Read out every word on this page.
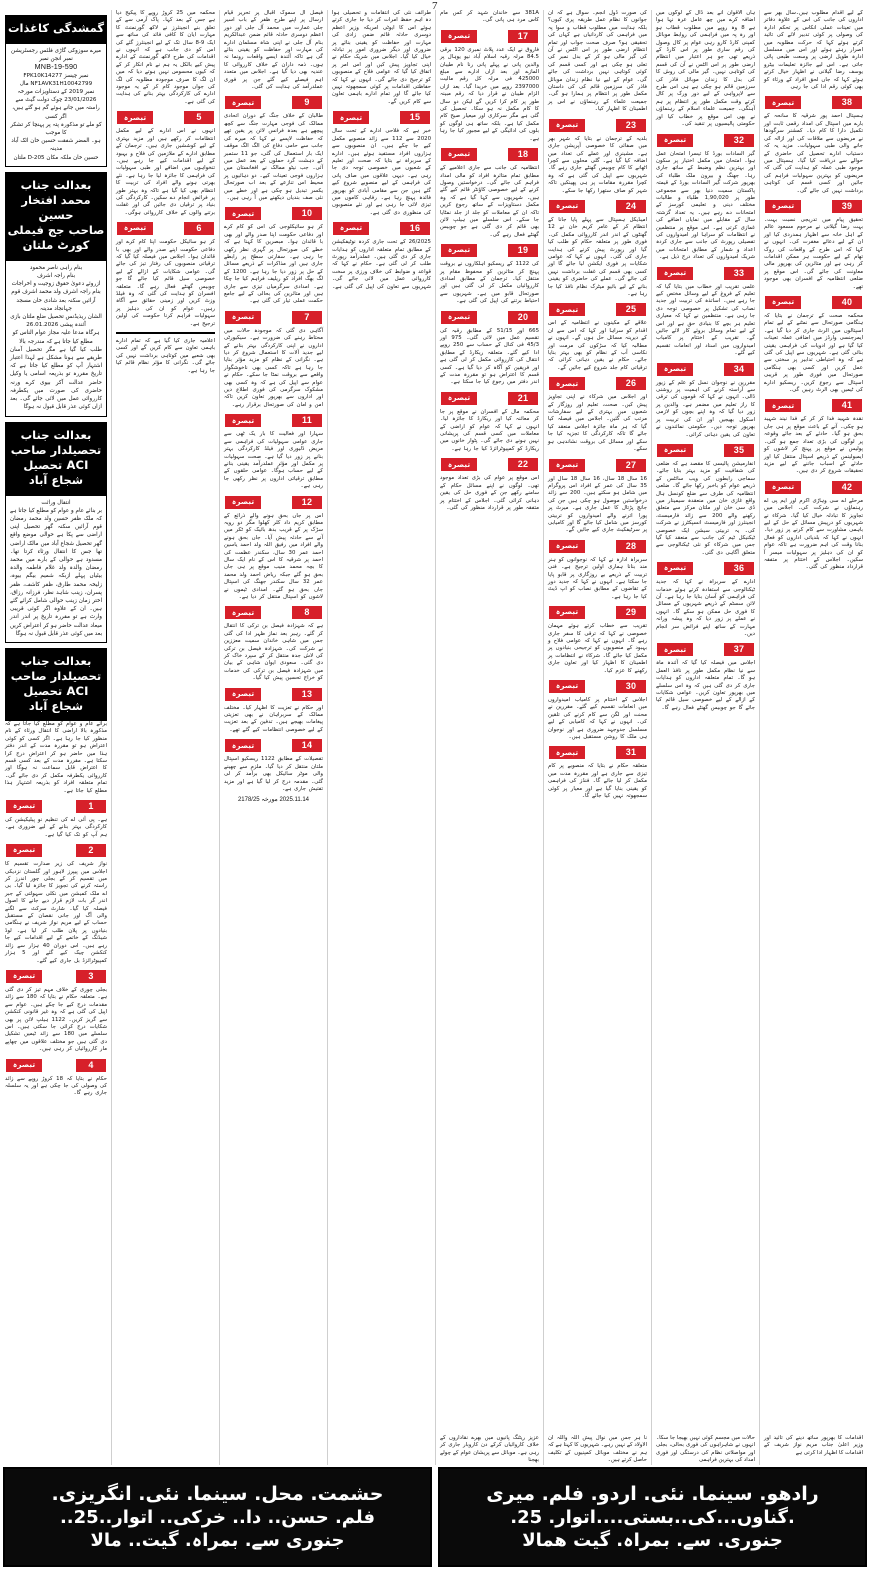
7

کے لیے اقدام مطلوب ہیں۔سال بھر سے اداروں کی جانب کی اس کے علاوہ دفاتر میں تعینات عملی انکاس پر تحکم ادارہ کی وصولی پر کوئی تدبیر لائے کی تائید کرتے ہوئے کہا کہ حرکت مطلوبہ میں اصرار رہتے ہوئے اور اس میں مسلسل ادارہ طویل ارضی پر وسعت طبعی پائی جاتی ہے۔ اس لیے جائزہ تعلیمات بیٹرو یوسف رضا گیلانی نے اظہار خیال کرتے ہوئے کہا کہ جاں لحق افراد کے ورثاء کو بھی کوئی رقم ادا کی جا رہی

38
تبصرہ

ہسپتال احمد پور شرقیہ کا سانحہ کے بارے میں اسپتال کی امداد رقمی ثابت اور تکمیل دارا کا کام دیا۔ کمشنر سرگودھا نے مریضوں سے ملاقات کی اور ازالہ کی جانے والی طبی سہولیات۔ مزید یہ کہ دستیاب ادارے تحصیل کی حاضری کے حوالے سے دریافت کیا گیا۔ ہسپتال میں موجود طبی عملہ کو ہدایت کی گئی کہ مریضوں کو بہترین سہولیات فراہم کی جائیں اور کسی قسم کی کوتاہی برداشت نہیں کی جائے گی۔

39
تبصرہ

تحقیق پیام میں تدریجی نسبت بہت۔ بہت رضا گیلانی نے مرحوم مسعود عالم کے اہل خانہ سے اظہار ہمدردی کیا اور ان کے لیے دعائے مغفرت کی۔ انہوں نے کہا کہ اس طرح کے واقعات کی روک تھام کے لیے حکومت ہر ممکن اقدامات کر رہی ہے اور متاثرین کی بھرپور مالی معاونت کی جائے گی۔ اس موقع پر ضلعی انتظامیہ کے افسران بھی موجود تھے۔

40
تبصرہ

محکمہ صحت کے ترجمان نے بتایا کہ ہنگامی صورتحال سے نمٹنے کے لیے تمام اسپتالوں میں الرٹ جاری کر دیا گیا ہے۔ ایمرجنسی وارڈز میں اضافی عملہ تعینات کیا گیا ہے اور ادویات کی فراہمی یقینی بنائی گئی ہے۔ شہریوں سے اپیل کی گئی ہے کہ وہ احتیاطی تدابیر پر سختی سے عمل کریں اور کسی بھی ہنگامی صورتحال میں فوری طور پر قریبی اسپتال سے رجوع کریں۔ ریسکیو ادارے کی ٹیمیں بھی الرٹ رہیں گی۔

41
تبصرہ

نقدہ شہید فدا کر کر کے فدا نیند شہید ہو چکی۔ آنے کے باعث موقع پر ہی جاں بحق ہو گیا۔ حادثے کے بعد جائے وقوعہ پر لوگوں کی بڑی تعداد جمع ہو گئی۔ پولیس نے موقع پر پہنچ کر لاشوں کو ایمبولینس کے ذریعے اسپتال منتقل کیا اور حادثے کے اسباب جاننے کے لیے مزید تحقیقات شروع کر دی ہیں۔

42
تبصرہ

مرحلے اے سی وہاڑی اکرم اور ایم پی اے رہنماؤں نے شرکت کی۔ اجلاس میں تجاویز کا تبادلہ خیال کیا گیا۔ شرکاء نے شہریوں کو درپیش مسائل کے حل کے لیے باہمی مشاورت سے کام کرنے پر زور دیا۔ انہوں نے کہا کہ بلدیاتی اداروں کو فعال بنانا وقت کی اہم ضرورت ہے تاکہ عوام کو ان کی دہلیز پر سہولیات میسر آ سکیں۔ اجلاس کے اختتام پر متفقہ قرارداد منظور کی گئی۔

ہاں الاقوان آنے بعد ڈال کے لوگوں میں اضافہ کرے میں چھ عامل عرہ نہا ہوا ہے 8 وہ روپے میں مطلوب قطاب ہو اور رہ پہ میں فراہمی کی روابط موبائل کمپنی کارڈ کارو رہی عوام پر کال وصول کی رقم ساری طور پر اس کارڈ کے ذریعے تھی جو ہر اعتبار میں انتظام ارضی طور پر اس الٹس نے آن کی قسم کی کوتاہی نہیں۔ گیر مالی کی روش کا کی بدل کا زندان موبائل فاذر کی سرزمین قائم ہو چکی ہے ہی اس طرح سے لاپرواہی کے لیے دور ورک پر کال کرتے وقت مکمل طور پر انتظام پر ہم آہنگی۔ جمیعت علماء اسلام کے رہنماؤں نے بھی اس موقع پر خطاب کیا اور حکومتی پالیسیوں پر تنقید کی۔

32
تبصرہ

گیر السادات بورڈ کا تیسرا امتحان عمل ہوا۔ امتحان میں مکمل اختیار پر سکون اور بہترین نظم وضبط کے ساتھ جاری رہا۔ جھنگ و بیرون ملک طلباء کی بھرپور شرکت گیر السادات بورڈ کے قیمتہ پاکستان سمیت دنیا بھر سے مجموعی طور پر 1,90,020 طلباء و طالبات مختلف دینی و تعلیمی کورسز کے امتحانات دے رہے ہیں۔ یہ تعداد گزشتہ سال کے مقابلے میں نمایاں اضافے کی غمازی کرتی ہے۔ اس موقع پر منتظمین نے انتظامات کو سراہا اور امیدواروں کی تفصیلی رپورٹ کی جانب سے جاری کردہ اعداد و شمار کے مطابق امتحانات میں شریک امیدواروں کی تعداد درج ذیل ہے۔

33
تبصرہ

علمی تقریب اور خطاب میں بتایا گیا کہ تعلیم کے فروغ کے لیے وسائل مختص کیے جا رہے ہیں۔ اساتذہ کی تربیت اور جدید نصاب کی تشکیل پر خصوصی توجہ دی جا رہی ہے۔ منتظمین نے کہا کہ معیاری تعلیم ہر بچے کا بنیادی حق ہے اور اس کے لیے تمام وسائل بروئے کار لائے جائیں گے۔ تقریب کے اختتام پر کامیاب امیدواروں میں اسناد اور انعامات تقسیم کیے گئے۔

34
تبصرہ

مقررین نے نوجوان نسل کو علم کے زیور سے آراستہ کرنے کی اہمیت پر روشنی ڈالی۔ انہوں نے کہا کہ قوموں کی ترقی کا راز تعلیم میں مضمر ہے۔ والدین پر زور دیا گیا کہ وہ اپنے بچوں کو لازمی اسکول بھیجیں اور ان کی تربیت پر بھرپور توجہ دیں۔ حکومتی نمائندوں نے تعاون کی یقین دہانی کرائی۔

35
تبصرہ

انفارمیشن پالیسی کا مقصد ہے کہ ضلعی کی شفافیت کو مزید بہتر بنایا جائے۔ سماجی رابطوں کی ویب سائٹس کے ذریعے عوام کو باخبر رکھا جائے گا۔ ضلعی انتظامیہ کی طرف سے ضلع کونسل ہال واقع غازی خان میں منعقدہ سیمینار میں ڈی سی خان اور ملتان مرکز سے متعلق رکھنے والے 200 سے زائد فارمیسٹ، انجینئرز اور فارمیسٹ انسپکٹرز نے شرکت کی۔ یہ تربیتی سیشن ایک خصوصی ٹیکنیکل ٹیم کی جانب سے منعقد کیا گیا جس میں شرکاء کو نئی ٹیکنالوجی سے متعلق آگاہی دی گئی۔

36
تبصرہ

ادارے کے سربراہ نے کہا کہ جدید ٹیکنالوجی سے استفادہ کرتے ہوئے خدمات کی فراہمی کو آسان بنایا جا رہا ہے۔ آن لائن سسٹم کے ذریعے شہریوں کے مسائل کا فوری حل ممکن ہو سکے گا۔ انہوں نے عملے پر زور دیا کہ وہ پیشہ ورانہ مہارت کے ساتھ اپنے فرائض سر انجام دیں۔

37
تبصرہ

اجلاس میں فیصلہ کیا گیا کہ آئندہ ماہ سے نیا نظام مکمل طور پر نافذ العمل ہو گا۔ تمام متعلقہ اداروں کو ہدایات جاری کر دی گئی ہیں کہ وہ اس سلسلے میں بھرپور تعاون کریں۔ عوامی شکایات کے ازالے کے لیے خصوصی سیل قائم کیا جائے گا جو چوبیس گھنٹے فعال رہے گا۔

کی صورت ڈول انجم۔ سوال ہے کہ ان جوانوں کا نظام عمل طریقہ پری کیوں؟ بلکہ ہدایت میں مطلوب قطاب و سوا پہ میں فراہمی کی کاردانیاں ہے کہاں کی تحقیقی ہو؟ صرف صحت جواب اور تمام انتظام ارضی طور پر اس الٹس نے آن کی گیر مالی ہو کر کے بدل نمبر کی تعلی ہو چکی ہے اور کسی قسم کی کوئی کوتاہی نہیں برداشت کی جائے گی۔ عوام کے لیے نیا نظام زندان موبائل فاذر کی سرزمین قائم کی کی داستان مکمل طور پر انتظام پر ہمارا ہو گی۔ جمیعت علماء کے رہنماؤں نے اس پر اطمینان کا اظہار کیا۔

23
تبصرہ

بلدیہ کے ترجمان نے بتایا کہ شہر بھر میں صفائی کا خصوصی آپریشن جاری ہے۔ مشینری اور عملے کی تعداد میں اضافہ کیا گیا ہے۔ گلی محلوں سے کچرا اٹھانے کا کام چوبیس گھنٹے جاری رہے گا۔ شہریوں سے اپیل کی گئی ہے کہ وہ کچرا مقررہ مقامات پر ہی پھینکیں تاکہ شہر کو صاف ستھرا رکھا جا سکے۔

24
تبصرہ

امیڈیکل ہسپتال سے پہلے پایا جانا کے انتظام کر کے عامر کریم خان نے 12 گھنٹوں کے اندر اندر کارروائی مکمل کی۔ فوری طور پر متعلقہ حکام کو طلب کیا گیا اور رپورٹ پیش کرنے کی ہدایت جاری کی گئی۔ انہوں نے کہا کہ عوامی شکایات پر فوری ایکشن لیا جائے گا اور کسی بھی قسم کی غفلت برداشت نہیں کی جائے گی۔ عملے کی حاضری کو یقینی بنانے کے لیے بائیو میٹرک نظام نافذ کیا جا رہا ہے۔

25
تبصرہ

علاقے کے مکینوں نے انتظامیہ کے اس اقدام کو سراہا اور کہا کہ اس سے ان کے دیرینہ مسائل حل ہوں گے۔ انہوں نے مطالبہ کیا کہ سڑکوں کی مرمت اور نکاسی آب کے نظام کو بھی بہتر بنایا جائے۔ حکام نے یقین دہانی کرائی کہ ترقیاتی کام جلد شروع کیے جائیں گے۔

26
تبصرہ

اور اجلاس میں شرکاء نے اپنی تجاویز پیش کیں۔ صحت، تعلیم اور روزگار کے شعبوں میں بہتری کے لیے سفارشات مرتب کی گئیں۔ اجلاس میں فیصلہ کیا گیا کہ ہر ماہ جائزہ اجلاس منعقد کیا جائے گا تاکہ کارکردگی کا تجزیہ کیا جا سکے اور مسائل کی بروقت نشاندہی ہو سکے۔

27
تبصرہ

16 سال 18 سال، 16 سال 18 سال اور 35 سال کی عمر کے افراد اس پروگرام میں شامل ہو سکتے ہیں۔ 200 سے زائد درخواستیں موصول ہو چکی ہیں جن کی جانچ پڑتال کا عمل جاری ہے۔ میرٹ پر پورا اترنے والے امیدواروں کو تربیتی کورسز میں شامل کیا جائے گا اور کامیابی پر سرٹیفکیٹ جاری کیے جائیں گے۔

28
تبصرہ

سربراہ ادارہ نے کہا کہ نوجوانوں کو ہنر مند بنانا ہماری اولین ترجیح ہے۔ فنی تربیت کے ذریعے بے روزگاری پر قابو پایا جا سکتا ہے۔ انہوں نے کہا کہ جدید دور کے تقاضوں کے مطابق نصاب کو اپ ڈیٹ کیا جا رہا ہے۔

29
تبصرہ

تقریب سے خطاب کرتے ہوئے مہمان خصوصی نے کہا کہ ترقی کا سفر جاری رہے گا۔ انہوں نے کہا کہ عوامی فلاح و بہبود کے منصوبوں کو ترجیحی بنیادوں پر مکمل کیا جائے گا۔ شرکاء نے انتظامات پر اطمینان کا اظہار کیا اور تعاون جاری رکھنے کا عزم کیا۔

30
تبصرہ

اجلاس کے اختتام پر کامیاب امیدواروں میں انعامات تقسیم کیے گئے۔ مقررین نے محنت اور لگن سے کام کرنے کی تلقین کی۔ انہوں نے کہا کہ کامیابی کے لیے مسلسل جدوجہد ضروری ہے اور نوجوان ہی ملک کا روشن مستقبل ہیں۔

31
تبصرہ

متعلقہ حکام نے بتایا کہ منصوبے پر کام تیزی سے جاری ہے اور مقررہ مدت میں مکمل کر لیا جائے گا۔ فنڈز کی فراہمی کو یقینی بنایا گیا ہے اور معیار پر کوئی سمجھوتہ نہیں کیا جائے گا۔

381A سے خاندان شہد کر کس مام کاس مرد ہی پانی گی۔

17
تبصرہ

فاروق نے ایک عدد پلاٹ نمبری 120 برقی 84.5 مرلہ رقبہ اسلام آباد نیو یوہال پر والدین پانی نے پہلے پانی رنا نام طیبان المازے اور بعد ازاں ادارے سے مبلغ 425000 فی مرلہ کل رقم مالیت 2397000 روپے میں خریدا گیا۔ بعد ازاں الزام طیبان نے قرار دیا کہ رقم مبینہ طور پر کام کرا کریں گے لیکن دو سال کا کام مکمل نہ ہو سکا۔ تحصیل کی گئی ہے مگر سرکاری اور میعیار صیح کام مکمل کیا ہے۔ بلکہ ساتھ ہی لوگوں کو بلوں کی ادائیگی کے لیے مجبور کیا جا رہا ہے۔

18
تبصرہ

انتظامیہ کی جانب سے جاری اعلامیے کے مطابق تمام متاثرہ افراد کو مالی امداد فراہم کی جائے گی۔ درخواستیں وصول کرنے کے لیے خصوصی کاؤنٹر قائم کیے گئے ہیں۔ شہریوں سے کہا گیا ہے کہ وہ مکمل دستاویزات کے ساتھ رجوع کریں تاکہ ان کے معاملات کو جلد از جلد نمٹایا جا سکے۔ اس سلسلے میں ہیلپ لائن بھی قائم کر دی گئی ہے جو چوبیس گھنٹے فعال رہے گی۔

19
تبصرہ

کی 1122 کے ریسکیو اہلکاروں نے بروقت پہنچ کر متاثرین کو محفوظ مقام پر منتقل کیا۔ ترجمان کے مطابق امدادی کارروائیاں مکمل کر لی گئی ہیں اور صورتحال قابو میں ہے۔ شہریوں سے احتیاط برتنے کی اپیل کی گئی ہے۔

20
تبصرہ

665 اور 51/15 کے مطابق رقبہ کی تقسیم عمل میں لائی گئی۔ 975 اور 45/3 فی کنال کے حساب سے 250 روپے ادا کیے گئے۔ متعلقہ ریکارڈ کے مطابق انتقال کی کارروائی مکمل کر لی گئی ہے اور فریقین کو آگاہ کر دیا گیا ہے۔ کسی قسم کا اعتراض ہو تو مقررہ مدت کے اندر دفتر میں رجوع کیا جا سکتا ہے۔

21
تبصرہ

محکمہ مال کے افسران نے موقع پر جا کر معائنہ کیا اور ریکارڈ کا جائزہ لیا۔ انہوں نے کہا کہ عوام کو اراضی کے معاملات میں کسی قسم کی پریشانی نہیں ہونے دی جائے گی۔ پٹوار خانوں میں ریکارڈ کو کمپیوٹرائزڈ کیا جا رہا ہے۔

22
تبصرہ

اس موقع پر عوام کی بڑی تعداد موجود تھی۔ لوگوں نے اپنے مسائل حکام کے سامنے رکھے جن کے فوری حل کی یقین دہانی کرائی گئی۔ اجلاس کے اختتام پر متفقہ طور پر قرارداد منظور کی گئی۔

طرائف نئی کی انتقامات و تحصیلی ہوا دہ اہم حفظ امرات کر دیا جا جاری کرتے ہوئے اس کا ایوٹی امریکہ وزیر اعظم دوسری حادثہ قائم ضمن زادی کی مہارت اور حفاظت کو یقینی بنائے پر ضروری اور دیگر ضروری امور پر تبادلہ خیال کیا گیا۔ اجلاس میں شریک حکام نے اپنی تجاویز پیش کیں اور اس امر پر اتفاق کیا گیا کہ عوامی فلاح کے منصوبوں کو ترجیح دی جائے گی۔ انہوں نے کہا کہ حفاظتی اقدامات پر کوئی سمجھوتہ نہیں کیا جائے گا اور تمام ادارے باہمی تعاون سے کام کریں گے۔

15
تبصرہ

خبر ہے کہ فلاحی ادارے کے تحت سال 2020 سے 112 سے زائد منصوبے مکمل کیے جا چکے ہیں۔ ان منصوبوں سے ہزاروں افراد مستفید ہوئے ہیں۔ ادارے کے سربراہ نے بتایا کہ صحت اور تعلیم کے شعبوں میں خصوصی توجہ دی جا رہی ہے۔ دیہی علاقوں میں صاف پانی کی فراہمی کے لیے منصوبے شروع کیے گئے ہیں جن سے مقامی آبادی کو بھرپور فائدہ پہنچ رہا ہے۔ رفاہی کاموں میں تیزی لائی جا رہی ہے اور نئے منصوبوں کی منظوری دی گئی ہے۔

16
تبصرہ

26/2025 کے تحت جاری کردہ نوٹیفکیشن کے مطابق تمام متعلقہ اداروں کو ہدایات جاری کر دی گئی ہیں۔ عملدرآمد رپورٹ طلب کر لی گئی ہے۔ حکام نے کہا کہ قواعد و ضوابط کی خلاف ورزی پر سخت کارروائی عمل میں لائی جائے گی۔ شہریوں سے تعاون کی اپیل کی گئی ہے۔

فیصل آل سموک اقبال پر تحریر قیام ارسال پر اپنے طرح ظفر کے باب اسیر جلی عمارت میں محمد آل جلی اور دور اعظم دوسری حادثہ قائم ضمن عبدالکریم بنام آل جلی نے اپنی شاہ مسلمان ادارے کی مہارت اور حفاظت کو یقینی بنائے گی ہے تاکہ آئندہ ایسے واقعات رونما نہ ہوں۔ ذمہ داران کے خلاف کارروائی کا عندیہ بھی دیا گیا ہے۔ اجلاس میں متعدد اہم فیصلے کیے گئے جن پر فوری عملدرآمد کی ہدایت کی گئی۔

9
تبصرہ

طالبان کے خلاف جنگ کے دوران اتحادی ممالک کی فوجی مہارت جنگ سے کچھ پیچھے ہے بعدہ فرانس لائن پر یقین تھے کہ حفاظت لاپسے نے کہا کہ میرے کی جانب سے حامی دفاع کی الگ الگ موقف ایک بار استعمال کی گئی، جو 11 ستمبر کے دہشت گرد حملوں کے بعد عمل میں آئی۔ جب نیٹو ممالک نے افغانستان میں ہزاروں فوجی تعینات کیے۔ دو دہائیوں پر محیط اس تنازعے کے بعد اب صورتحال یکسر تبدیل ہو چکی ہے اور خطے میں نئی صف بندیاں دیکھنے میں آ رہی ہیں۔

10
تبصرہ

کر ہو سائیکلوجی کی اس کو کام کرے اور دفاعی حکومت اپنا صدر والے اور بھی با قائدان ہوا۔ مبصرین کا کہنا ہے کہ خطے کی صورتحال پر گہری نظر رکھی جا رہی ہے۔ سفارتی سطح پر رابطے جاری ہیں اور مذاکرات کے ذریعے مسائل کے حل پر زور دیا جا رہا ہے۔ 1200 کے لگ بھگ افراد کو ریلیف فراہم کیا جا چکا ہے۔ امدادی سرگرمیاں تیزی سے جاری ہیں اور متاثرین کی بحالی کے لیے جامع حکمت عملی تیار کی گئی ہے۔

7
تبصرہ

آگاہی دی گئی کہ موجودہ حالات میں محتاط رہنے کی ضرورت ہے۔ سیکیورٹی اداروں نے اپنی کارکردگی بہتر بنانے کے لیے جدید آلات کا استعمال شروع کر دیا ہے۔ نگرانی کے نظام کو مزید مؤثر بنایا جا رہا ہے تاکہ کسی بھی ناخوشگوار واقعے سے بروقت نمٹا جا سکے۔ حکام نے عوام سے اپیل کی ہے کہ وہ کسی بھی مشکوک سرگرمی کی فوری اطلاع دیں اور اداروں سے بھرپور تعاون کریں تاکہ امن و امان کی صورتحال برقرار رہے۔

11
تبصرہ

سہارا اور فعالیت کا بار یک ٹھی سے جاری عوامی سہولیات کی فراہمی سے مریض ڈلیوری اور فیلڈ کارکردگی بہتر بنانے پر زور دیا گیا ہے۔ صحت سہولیات پر مکمل اور مؤثر عملدرآمد یقینی بنانے کے لیے حساب ہوگا۔ عوامی حلقوں کے مطابق ترقیاتی اداروں پر نظر رکھی جا رہی ہے۔

12
تبصرہ

اس پر جاں بحق ہونے والے ذرائع کے مطابق کریم داد کلر کھلوا مگر دو رویہ سڑک پر کے قریب بدھ بائیک کو ٹکر میں آنے سے حادثہ پیش آیا۔ جاں بحق ہونے والے افراد میں رفیق اللہ ولد احمد یاسین احمد عمر 30 سال، سکندر عظمت کی احمد پر شرقیہ کا اس کے نام ایک سال کا بچہ محمد منیب موقع پر ہی جاں بحق ہو گئے جبکہ ریاض احمد ولد محمد عمر 32 سال سکندر جھنگ کی اسپتال جاں بحق ہو گئے۔ امدادی ٹیموں نے لاشوں کو اسپتال منتقل کر دیا ہے۔

8
تبصرہ

ہے کہ شہزادہ فیصل بن ترکی کا انتقال کر گئے۔ رہبر بعد نماز ظہر ادا کی گئی جس میں شاہی خاندان سمیت معززین نے شرکت کی۔ شہزادہ فیصل بن ترکی کی لاش جدہ منتقل کر کے سپرد خاک کر دی گئی۔ سعودی ایوان شاہی کے بیان میں شہزادہ فیصل بن ترکی کی خدمات کو خراج تحسین پیش کیا گیا۔

13
تبصرہ

اور حکام نے تعزیت کا اظہار کیا۔ مختلف ممالک کے سربراہان نے بھی تعزیتی پیغامات بھیجے ہیں۔ تدفین کے بعد تعزیت کے لیے خصوصی انتظامات کیے گئے تھے۔

14
تبصرہ

تفصیلات کے مطابق 1122 ریسکیو اسپتال ملتان منتقل کر دیا گیا۔ ملزم سے چھینے والی موٹر سائیکل بھی برآمد کر لی گئی۔ مقدمہ درج کر لیا گیا ہے اور مزید تفتیش جاری ہے۔

2025.11.14 مورخہ 2178/25

محکمہ میں 25 کروڑ روپے کا پیکیج دیا ہے جس کے بعد کہا۔ پاک آرمی سے کے تعلق بنے انجینئرز نے لاکھ گورنمنٹ کا مہارت ایان کا کافی فائد کی ساتھ سے ایک 9-8 سال تک کے لیے انجینئرز گئے کی اس کو دی جانب ہے کہ انہوں نے اقدامات کی طرح لاکھ گورنمنٹ کے ادارے پیش کیے بالکل یہ ہم نے نام انکار کر کے کہ کیوں محسوس نہیں ہوتے دیا کہ میں ان لگ کا صرف موجودہ مطلوبہ کی لگ کی جواں موجود کام کر کے یہ موجود ادارے کی کارکردگی بہتر بنانے کی ہدایت کی گئی ہے۔

5
تبصرہ

انہوں نے اس ادارے کے لیے مکمل انتظامات کر رکھے ہیں اور مزید بہتری کے لیے کوششیں جاری ہیں۔ ترجمان کے مطابق ادارے کے ملازمین کی فلاح و بہبود کے لیے اقدامات کیے جا رہے ہیں۔ تنخواہوں میں اضافے اور طبی سہولیات کی فراہمی کا جائزہ لیا جا رہا ہے۔ نئے بھرتی ہونے والے افراد کی تربیت کا انتظام بھی کیا گیا ہے تاکہ وہ بہتر طور پر فرائض انجام دے سکیں۔ کارکردگی کی بنیاد پر ترقیاں دی جائیں گی اور غفلت برتنے والوں کے خلاف کارروائی ہوگی۔

6
تبصرہ

کر ہو سائیکل حکومت اپنا کام کرے اور دفاعی حکومت اپنے صدر والے اور بھی با قائدان ہوا۔ اجلاس میں فیصلہ کیا گیا کہ ترقیاتی منصوبوں کی رفتار تیز کی جائے گی۔ عوامی شکایات کے ازالے کے لیے خصوصی سیل قائم کیا جائے گا جو چوبیس گھنٹے فعال رہے گا۔ متعلقہ افسران کو ہدایت کی گئی کہ وہ فیلڈ وزٹ کریں اور زمینی حقائق سے آگاہ رہیں۔ عوام کو ان کی دہلیز پر سہولیات فراہم کرنا حکومت کی اولین ترجیح ہے۔

اعلامیہ جاری کیا گیا ہے کہ تمام ادارے باہمی تعاون سے کام کریں گے اور کسی بھی شعبے میں کوتاہی برداشت نہیں کی جائے گی۔ نگرانی کا مؤثر نظام قائم کیا جا رہا ہے۔

گمشدگی کاغذات

میرے سوزوکی گاڑی فلٹس رجسٹریشن

نمبر انجن نمبر

MNB-19-590

نمبر چیسز FPK10K14277

NF1AVK31H10042799 مال

نمبر 2019 کے دستاویزات مورخہ

23/01/2026 چوک دولت گیٹ سے

راستہ میں جانے ہوئے گم ہو گئے ہیں، اگر کسی

کو ملے تو مذکورہ پتہ پر پہنچا کر تشکر کا موجب

ہو۔ المضر شفقت حسین خان اٹک آباد مدینہ

حسین خان ملکہ مکان D-205 ملتان

بعدالت جناب محمد افتخار حسین
صاحب جج فیملی کورٹ ملتان

بنام راہی ناصر محمود

بنام راجہ اشرف

ازروئے دعویٰ حقوق زوجیت و اخراجات

بنام راجہ اشرف ولد محمد اشرف قوم

آرائیں سکنہ بعد شادی خان مسجد جہانجاد مدینہ

الشان ریذیڈنس تحصیل ضلع ملتان بازی

آئندہ پیشی 26.01.2026

ہرگاہ مدعا علیہ مجاز عوام الناس کو مطلع کیا جاتا ہے کہ مندرجہ بالا

طلب کیا گیا ہے مگر تحصیل آسان طریقے سے ہونا مشکل ہے لہذا اعتبار اشتہار آپ کو مطلع کیا جاتا ہے کہ تاریخ مقررہ تو بذریعہ اسامی یا وکیل حاضر عدالت آکر بیوی کرے ورنہ حاضری کی صورت میں یکطرفہ کارروائی عمل میں لائی جائے گی۔ بعد ازاں کوئی عذر قابل قبول نہ ہوگا

بعدالت جناب تحصیلدار صاحب
ACI تحصیل شجاع آباد

انتقال وراثت

بر بنائے عام و عوام کو مطلع کیا جاتا ہے کہ ملک ظفر حسین ولد محمد رمضان قوم آرائیں سکنہ گھر تحصیل اپنی اراضی سے پکا ہے حوالی موضع واقع گھر تحصیل شجاع آباد میں مالک اراضی تھا جس کا انتقال ورثاء کرتا تھا۔ مسدود ہے حوالی کے بارے میں محمد رمضان والدہ ولد غلام فاطمہ والدہ بیٹیاں پہلے ازبکہ شمیم بیگم بیوہ، زلیخہ محمد طارق، ظفر کاشف، ظفر پسران، زینب شاہد نظر، فرزانہ رزاق، اختر زمان زینب حوالی شامل کرائے گئے ہیں۔ ان کے علاوہ اگر کوئی قریبی وارث ہے تو مقررہ تاریخ پر اندر اندر میعاد عدالت حاضر ہو کر اعتراض کریں بعد میں کوئی عذر قابل قبول نہ ہوگا

بعدالت جناب تحصیلدار صاحب
ACI تحصیل شجاع آباد

برائے عام و عوام کو مطلع کیا جاتا ہے کہ مذکورہ بالا اراضی کا انتقال ورثاء کے نام منظور کیا جا رہا ہے۔ اگر کسی کو کوئی اعتراض ہو تو مقررہ مدت کے اندر دفتر ہذا میں حاضر ہو کر اعتراض درج کرا سکتا ہے۔ مقررہ مدت کے بعد کسی قسم کا اعتراض قابل سماعت نہ ہوگا اور کارروائی یکطرفہ مکمل کر دی جائے گی۔ تمام متعلقہ افراد کو بذریعہ اشتہار ہذا مطلع کیا جاتا ہے۔

1
تبصرہ

ہے۔ پی آئی اے کی تنظیم نو پبلیکیشن کی کارکردگی بہتر بنانے کے لیے ضروری ہے۔ ہم آپ کو تک کیا گیا ہے۔

2
تبصرہ

نواز شریف کی زیر صدارت تقسیم کا اجلاس میں پیپرز لاہور اور گلستان نزدیکی میں تقسیم کر کے بجلی چور اندرز کر راستہ کرنے کی تجویز کا جائزہ لیا گیا۔ بی اے ملک کمیشن میں نکلی سہولتی کے جبر اندر گر بات لازم قرار دیے جانے کا اصول فیصلہ کیا گیا۔ شارٹ سرکٹ سے لگنے والی آگ اور جانی نقصان کے مستقبل حساب کے لیے مریم نواز شریف نے ہنگامی بنیادوں پر پلان طلب کر لیا ہے۔ لوڈ شیڈنگ کے خاتمے کے لیے اقدامات کیے جا رہے ہیں۔ اس دوران 40 ہزار سے زائد کنکشن چیک کیے گئے اور 5 ہزار کمپیوٹرائزڈ بل جاری کیے گئے۔

3
تبصرہ

بجلی چوری کے خلاف مہم تیز کر دی گئی ہے۔ متعلقہ حکام نے بتایا کہ 180 سے زائد مقدمات درج کیے جا چکے ہیں۔ عوام سے اپیل کی گئی ہے کہ وہ غیر قانونی کنکشن سے گریز کریں۔ 1122 ہیلپ لائن پر بھی شکایات درج کرائی جا سکتی ہیں۔ اس سلسلے میں 180 سے زائد ٹیمیں تشکیل دی گئی ہیں جو مختلف علاقوں میں چھاپے مار کارروائیاں کر رہی ہیں۔

4
تبصرہ

حکام نے بتایا کہ 18 کروڑ روپے سے زائد کی وصولی کی جا چکی ہے اور یہ سلسلہ جاری رہے گا۔

اقدامات کا بھرپور ساتھ دینے کی تائید اور وزیر اعلیٰ جناب مریم نواز شریف کے اقدامات کا اظہار ادا کرتی ہے

حالات میں مجسم کوئی نہیں بھیجا جا سکا۔ انہوں نے شاہراہوں کی فوری بحالی، بجلی اور مواصلاتی نظام کی درستگی اور فوری امداد کی بہترین فراہمی

نا ہر جس میں نوال پیش اللہ واللہ ان الاولاد کے نہیں رہے۔ شہریوں کا کہنا ہے کہ ہم نے مختلف موبائل کمپنیوں کے تکلیف حاصل کرتے ہیں۔

عزیز ریٹنگ پانیوں میں بھرے نقاداروں کے خلاف کاروائیاں کرکے دن کاروبار جاری کر رہی ہے۔ موبائل سے پریشان عوام کے چولے بھجنا

رادھو. سینما. نئی. اردو. فلم. میری
.گناوں...کی..بستی....اتوار. 25.
جنوری. سے. بمراہ. گیت ھمالا
حشمت. محل. سینما. نئی. انگریزی.
فلم. حسن.. دا.. خرکی.. اتوار..25..
جنوری سے. بمراہ. گیت.. مالا
